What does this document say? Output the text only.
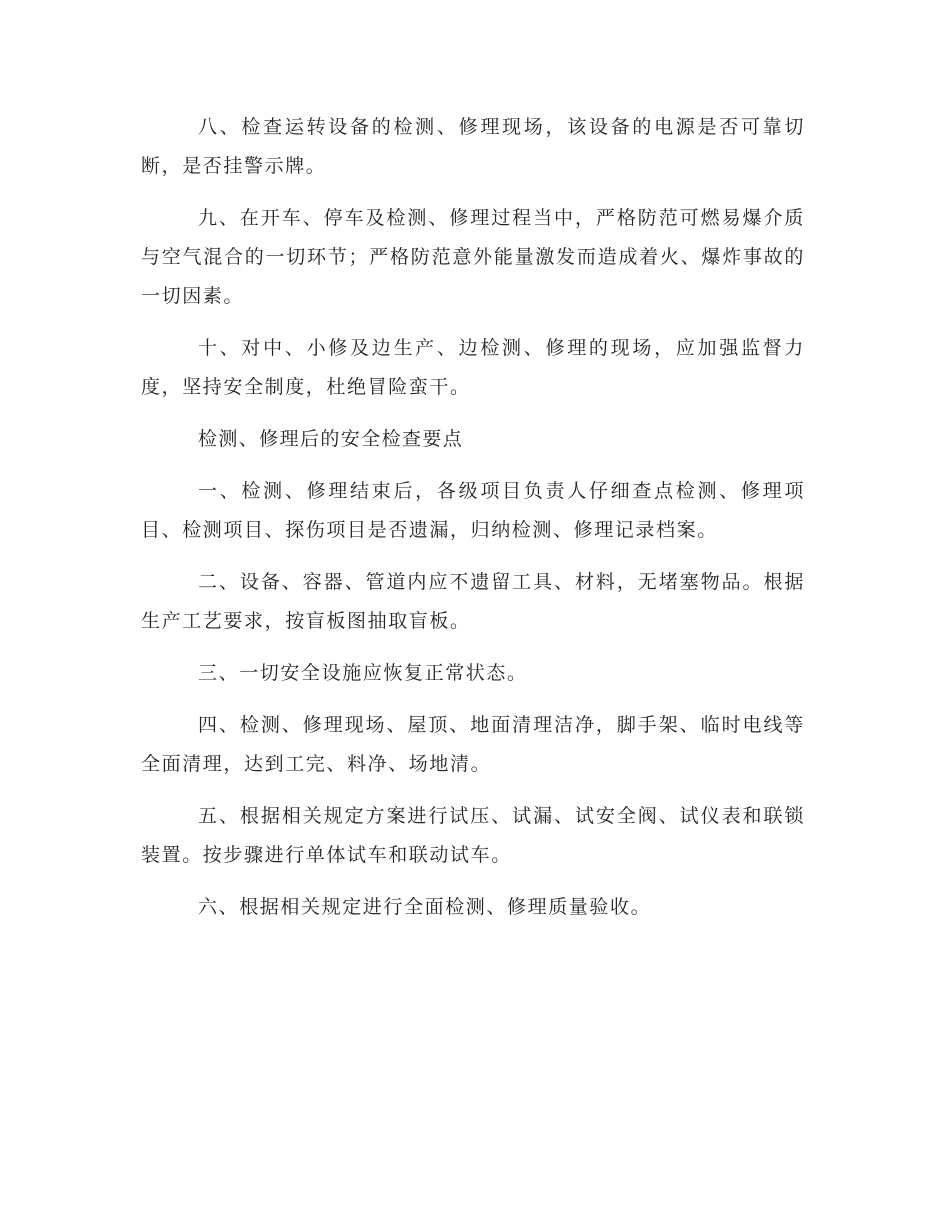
八、检查运转设备的检测、修理现场，该设备的电源是否可靠切断，是否挂警示牌。

九、在开车、停车及检测、修理过程当中，严格防范可燃易爆介质与空气混合的一切环节；严格防范意外能量激发而造成着火、爆炸事故的一切因素。

十、对中、小修及边生产、边检测、修理的现场，应加强监督力度，坚持安全制度，杜绝冒险蛮干。

检测、修理后的安全检查要点

一、检测、修理结束后，各级项目负责人仔细查点检测、修理项目、检测项目、探伤项目是否遗漏，归纳检测、修理记录档案。

二、设备、容器、管道内应不遗留工具、材料，无堵塞物品。根据生产工艺要求，按盲板图抽取盲板。

三、一切安全设施应恢复正常状态。

四、检测、修理现场、屋顶、地面清理洁净，脚手架、临时电线等全面清理，达到工完、料净、场地清。

五、根据相关规定方案进行试压、试漏、试安全阀、试仪表和联锁装置。按步骤进行单体试车和联动试车。

六、根据相关规定进行全面检测、修理质量验收。
